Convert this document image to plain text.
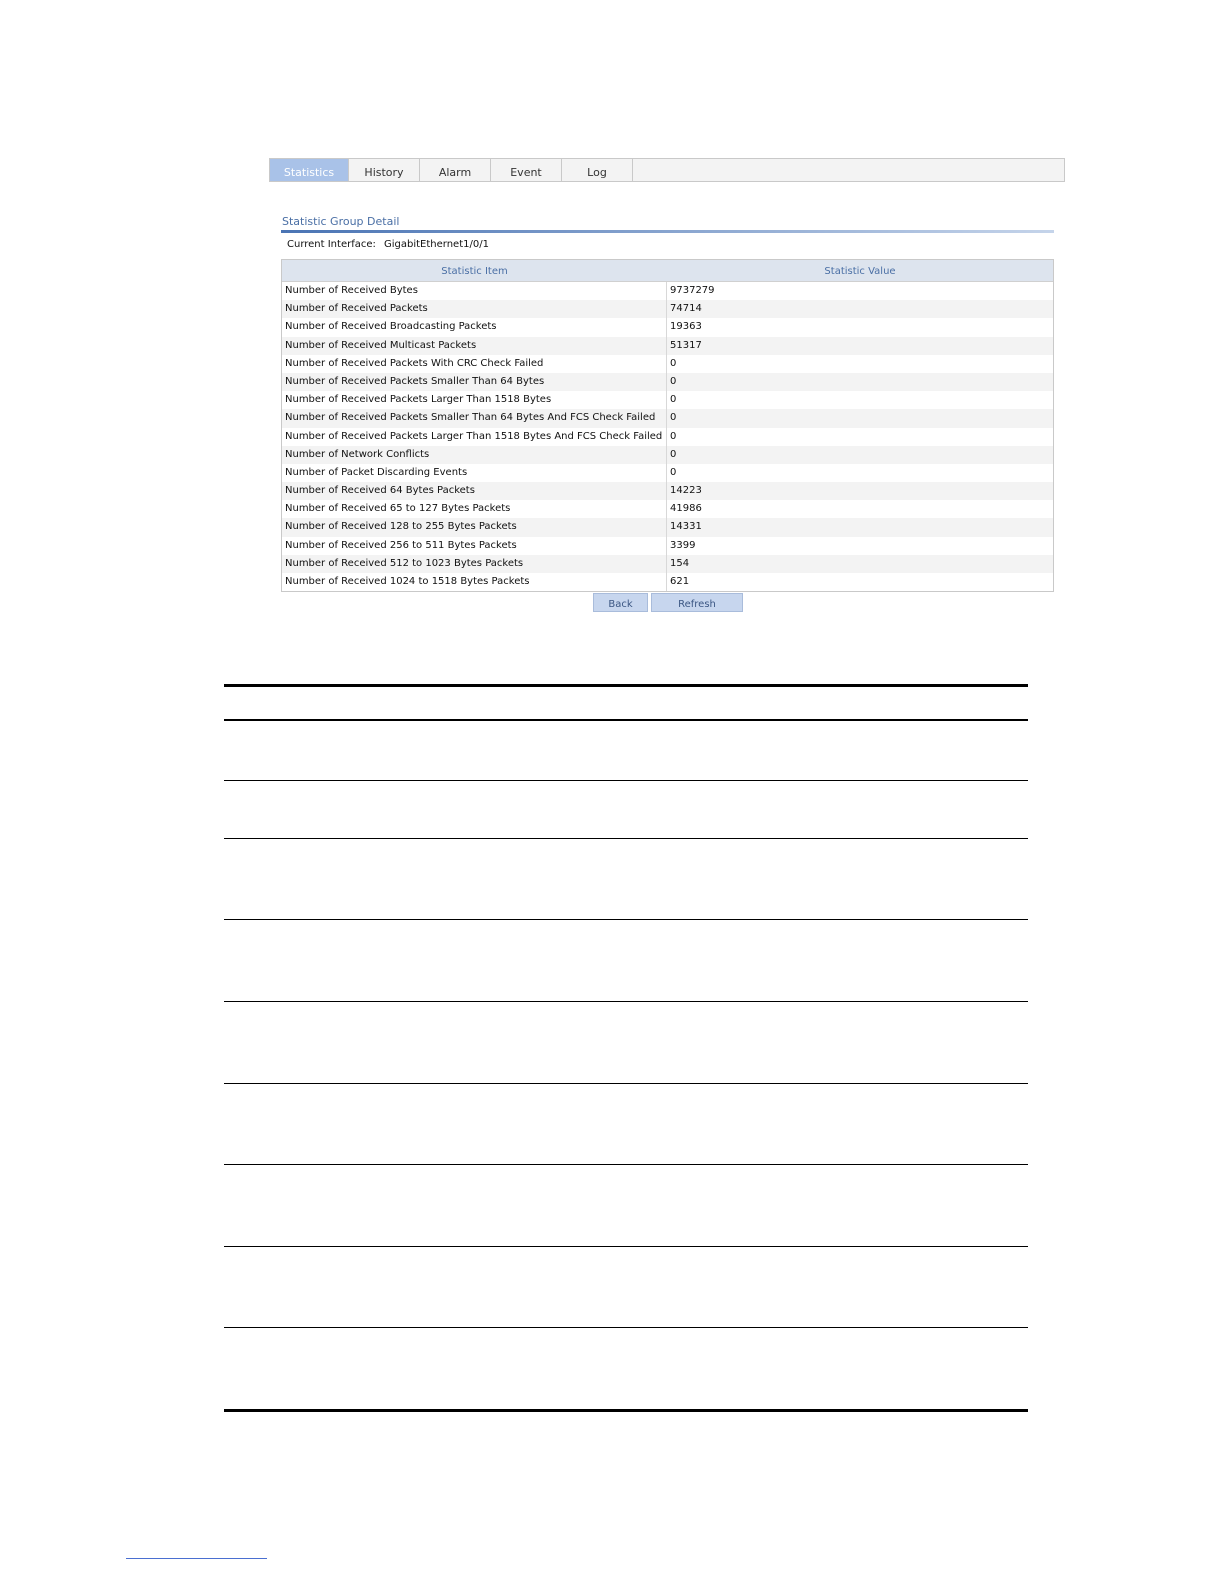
Statistics	History	Alarm	Event	Log
Statistic Group Detail
Current Interface: GigabitEthernet1/0/1
Statistic Item	Statistic Value
Number of Received Bytes	9737279
Number of Received Packets	74714
Number of Received Broadcasting Packets	19363
Number of Received Multicast Packets	51317
Number of Received Packets With CRC Check Failed	0
Number of Received Packets Smaller Than 64 Bytes	0
Number of Received Packets Larger Than 1518 Bytes	0
Number of Received Packets Smaller Than 64 Bytes And FCS Check Failed	0
Number of Received Packets Larger Than 1518 Bytes And FCS Check Failed 0
Number of Network Conflicts	0
Number of Packet Discarding Events	0
Number of Received 64 Bytes Packets	14223
Number of Received 65 to 127 Bytes Packets	41986
Number of Received 128 to 255 Bytes Packets	14331
Number of Received 256 to 511 Bytes Packets	3399
Number of Received 512 to 1023 Bytes Packets	154
Number of Received 1024 to 1518 Bytes Packets	621
Back	Refresh
